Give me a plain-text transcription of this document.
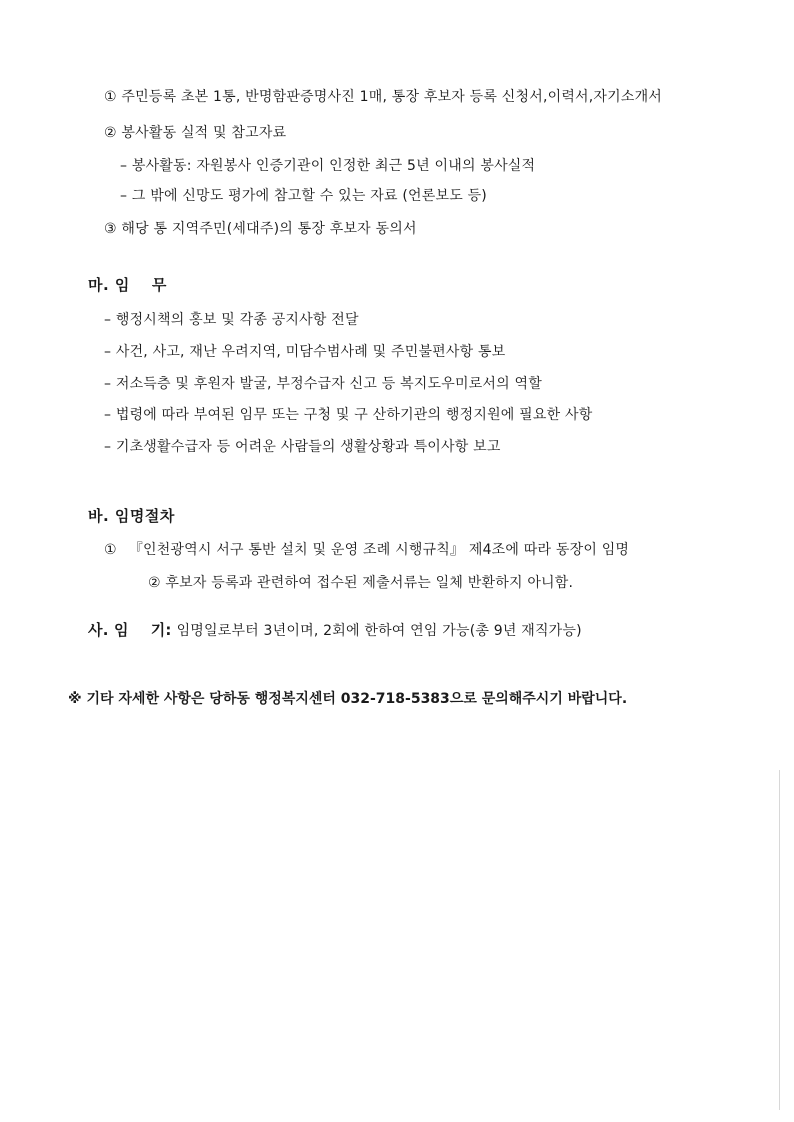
① 주민등록 초본 1통, 반명함판증명사진 1매, 통장 후보자 등록 신청서,이력서,자기소개서
② 봉사활동 실적 및 참고자료
– 봉사활동: 자원봉사 인증기관이 인정한 최근 5년 이내의 봉사실적
– 그 밖에 신망도 평가에 참고할 수 있는 자료 (언론보도 등)
③ 해당 통 지역주민(세대주)의 통장 후보자 동의서
마. 임 무
– 행정시책의 홍보 및 각종 공지사항 전달
– 사건, 사고, 재난 우려지역, 미담수범사례 및 주민불편사항 통보
– 저소득층 및 후원자 발굴, 부정수급자 신고 등 복지도우미로서의 역할
– 법령에 따라 부여된 임무 또는 구청 및 구 산하기관의 행정지원에 필요한 사항
– 기초생활수급자 등 어려운 사람들의 생활상황과 특이사항 보고
바. 임명절차
① 『인천광역시 서구 통반 설치 및 운영 조례 시행규칙』 제4조에 따라 동장이 임명
② 후보자 등록과 관련하여 접수된 제출서류는 일체 반환하지 아니함.
사. 임 기: 임명일로부터 3년이며, 2회에 한하여 연임 가능(총 9년 재직가능)
※ 기타 자세한 사항은 당하동 행정복지센터 032-718-5383으로 문의해주시기 바랍니다.
